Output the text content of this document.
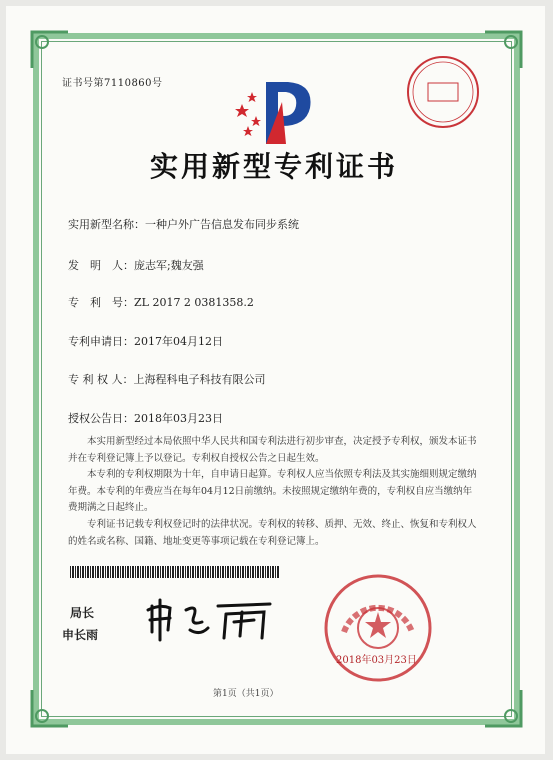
证书号第7110860号
实用新型专利证书
实用新型名称：一种户外广告信息发布同步系统
发　明　人：庞志军;魏友强
专　利　号：ZL 2017 2 0381358.2
专利申请日：2017年04月12日
专 利 权 人：上海程科电子科技有限公司
授权公告日：2018年03月23日
本实用新型经过本局依照中华人民共和国专利法进行初步审查，决定授予专利权，颁发本证书并在专利登记簿上予以登记。专利权自授权公告之日起生效。
本专利的专利权期限为十年，自申请日起算。专利权人应当依照专利法及其实施细则规定缴纳年费。本专利的年费应当在每年04月12日前缴纳。未按照规定缴纳年费的，专利权自应当缴纳年费期满之日起终止。
专利证书记载专利权登记时的法律状况。专利权的转移、质押、无效、终止、恢复和专利权人的姓名或名称、国籍、地址变更等事项记载在专利登记簿上。
局长
申长雨
2018年03月23日
第1页（共1页）
